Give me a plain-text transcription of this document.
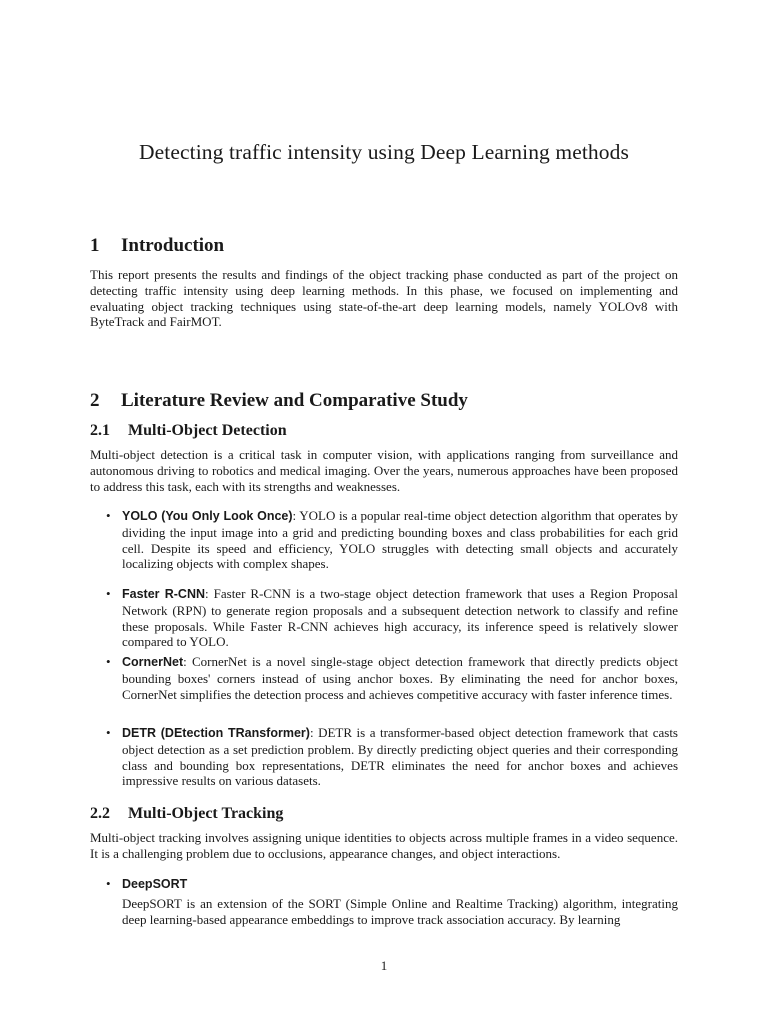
Detecting traffic intensity using Deep Learning methods
1 Introduction

This report presents the results and findings of the object tracking phase conducted as part of the project on detecting traffic intensity using deep learning methods. In this phase, we focused on implementing and evaluating object tracking techniques using state-of-the-art deep learning models, namely YOLOv8 with ByteTrack and FairMOT.

2 Literature Review and Comparative Study
2.1 Multi-Object Detection

Multi-object detection is a critical task in computer vision, with applications ranging from surveillance and autonomous driving to robotics and medical imaging. Over the years, numerous approaches have been proposed to address this task, each with its strengths and weaknesses.

• YOLO (You Only Look Once): YOLO is a popular real-time object detection algorithm that operates by dividing the input image into a grid and predicting bounding boxes and class probabilities for each grid cell. Despite its speed and efficiency, YOLO struggles with detecting small objects and accurately localizing objects with complex shapes.
• Faster R-CNN: Faster R-CNN is a two-stage object detection framework that uses a Region Proposal Network (RPN) to generate region proposals and a subsequent detection network to classify and refine these proposals. While Faster R-CNN achieves high accuracy, its inference speed is relatively slower compared to YOLO.
• CornerNet: CornerNet is a novel single-stage object detection framework that directly predicts object bounding boxes' corners instead of using anchor boxes. By eliminating the need for anchor boxes, CornerNet simplifies the detection process and achieves competitive accuracy with faster inference times.
• DETR (DEtection TRansformer): DETR is a transformer-based object detection framework that casts object detection as a set prediction problem. By directly predicting object queries and their corresponding class and bounding box representations, DETR eliminates the need for anchor boxes and achieves impressive results on various datasets.
2.2 Multi-Object Tracking

Multi-object tracking involves assigning unique identities to objects across multiple frames in a video sequence. It is a challenging problem due to occlusions, appearance changes, and object interactions.

• DeepSORT

DeepSORT is an extension of the SORT (Simple Online and Realtime Tracking) algorithm, integrating deep learning-based appearance embeddings to improve track association accuracy. By learning

1
